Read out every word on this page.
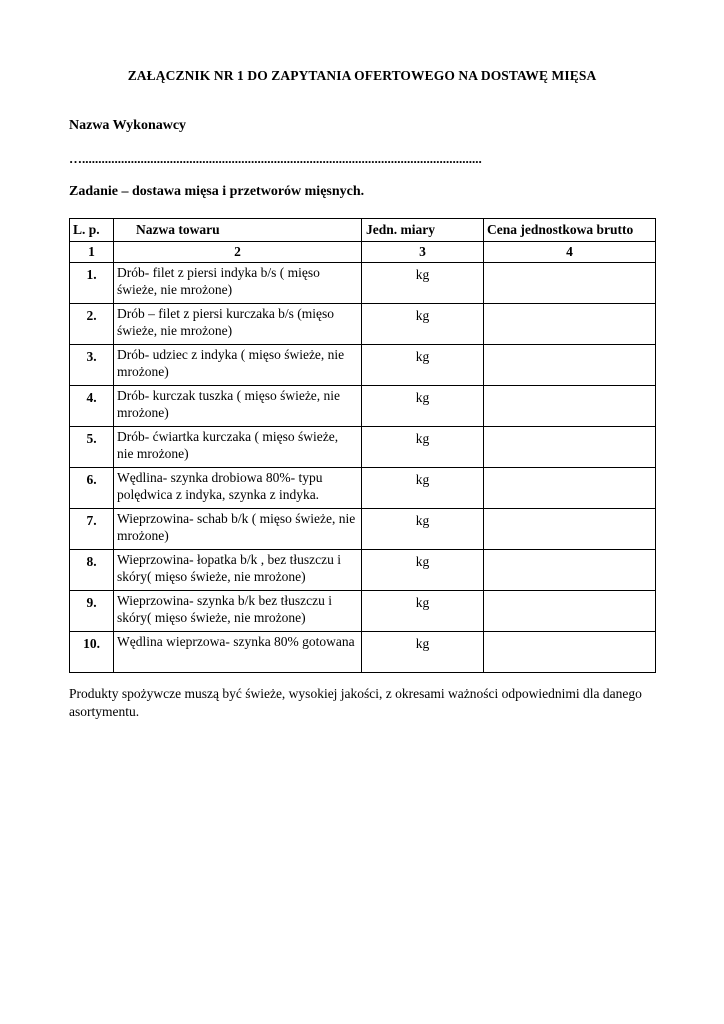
ZAŁĄCZNIK NR 1 DO ZAPYTANIA OFERTOWEGO NA DOSTAWĘ MIĘSA
Nazwa Wykonawcy
…...........................................................................................................................
Zadanie – dostawa mięsa i przetworów mięsnych.
L. p.	Nazwa towaru	Jedn. miary	Cena jednostkowa brutto
1	2	3	4
1.	Drób- filet z piersi indyka b/s ( mięso świeże, nie mrożone)	kg	
2.	Drób – filet z piersi kurczaka b/s (mięso świeże, nie mrożone)	kg	
3.	Drób- udziec z indyka ( mięso świeże, nie mrożone)	kg	
4.	Drób- kurczak tuszka ( mięso świeże, nie mrożone)	kg	
5.	Drób- ćwiartka kurczaka ( mięso świeże, nie mrożone)	kg	
6.	Wędlina- szynka drobiowa 80%- typu polędwica z indyka, szynka z indyka.	kg	
7.	Wieprzowina- schab b/k ( mięso świeże, nie mrożone)	kg	
8.	Wieprzowina- łopatka b/k , bez tłuszczu i skóry( mięso świeże, nie mrożone)	kg	
9.	Wieprzowina- szynka b/k bez tłuszczu i skóry( mięso świeże, nie mrożone)	kg	
10.	Wędlina wieprzowa- szynka 80% gotowana	kg	
Produkty spożywcze muszą być świeże, wysokiej jakości, z okresami ważności odpowiednimi dla danego asortymentu.
